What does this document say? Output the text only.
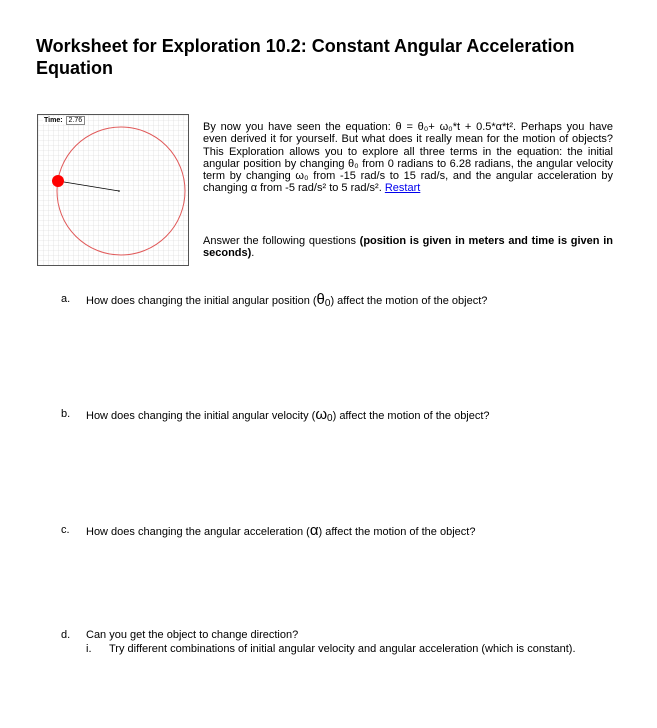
Worksheet for Exploration 10.2: Constant Angular Acceleration Equation
Time: 2.76
By now you have seen the equation: θ = θ₀+ ω₀*t + 0.5*α*t². Perhaps you have even derived it for yourself. But what does it really mean for the motion of objects? This Exploration allows you to explore all three terms in the equation: the initial angular position by changing θ₀ from 0 radians to 6.28 radians, the angular velocity term by changing ω₀ from -15 rad/s to 15 rad/s, and the angular acceleration by changing α from -5 rad/s² to 5 rad/s². Restart
Answer the following questions (position is given in meters and time is given in seconds).
a. How does changing the initial angular position (θ0) affect the motion of the object?
b. How does changing the initial angular velocity (ω0) affect the motion of the object?
c. How does changing the angular acceleration (α) affect the motion of the object?
d. Can you get the object to change direction?
i. Try different combinations of initial angular velocity and angular acceleration (which is constant).
